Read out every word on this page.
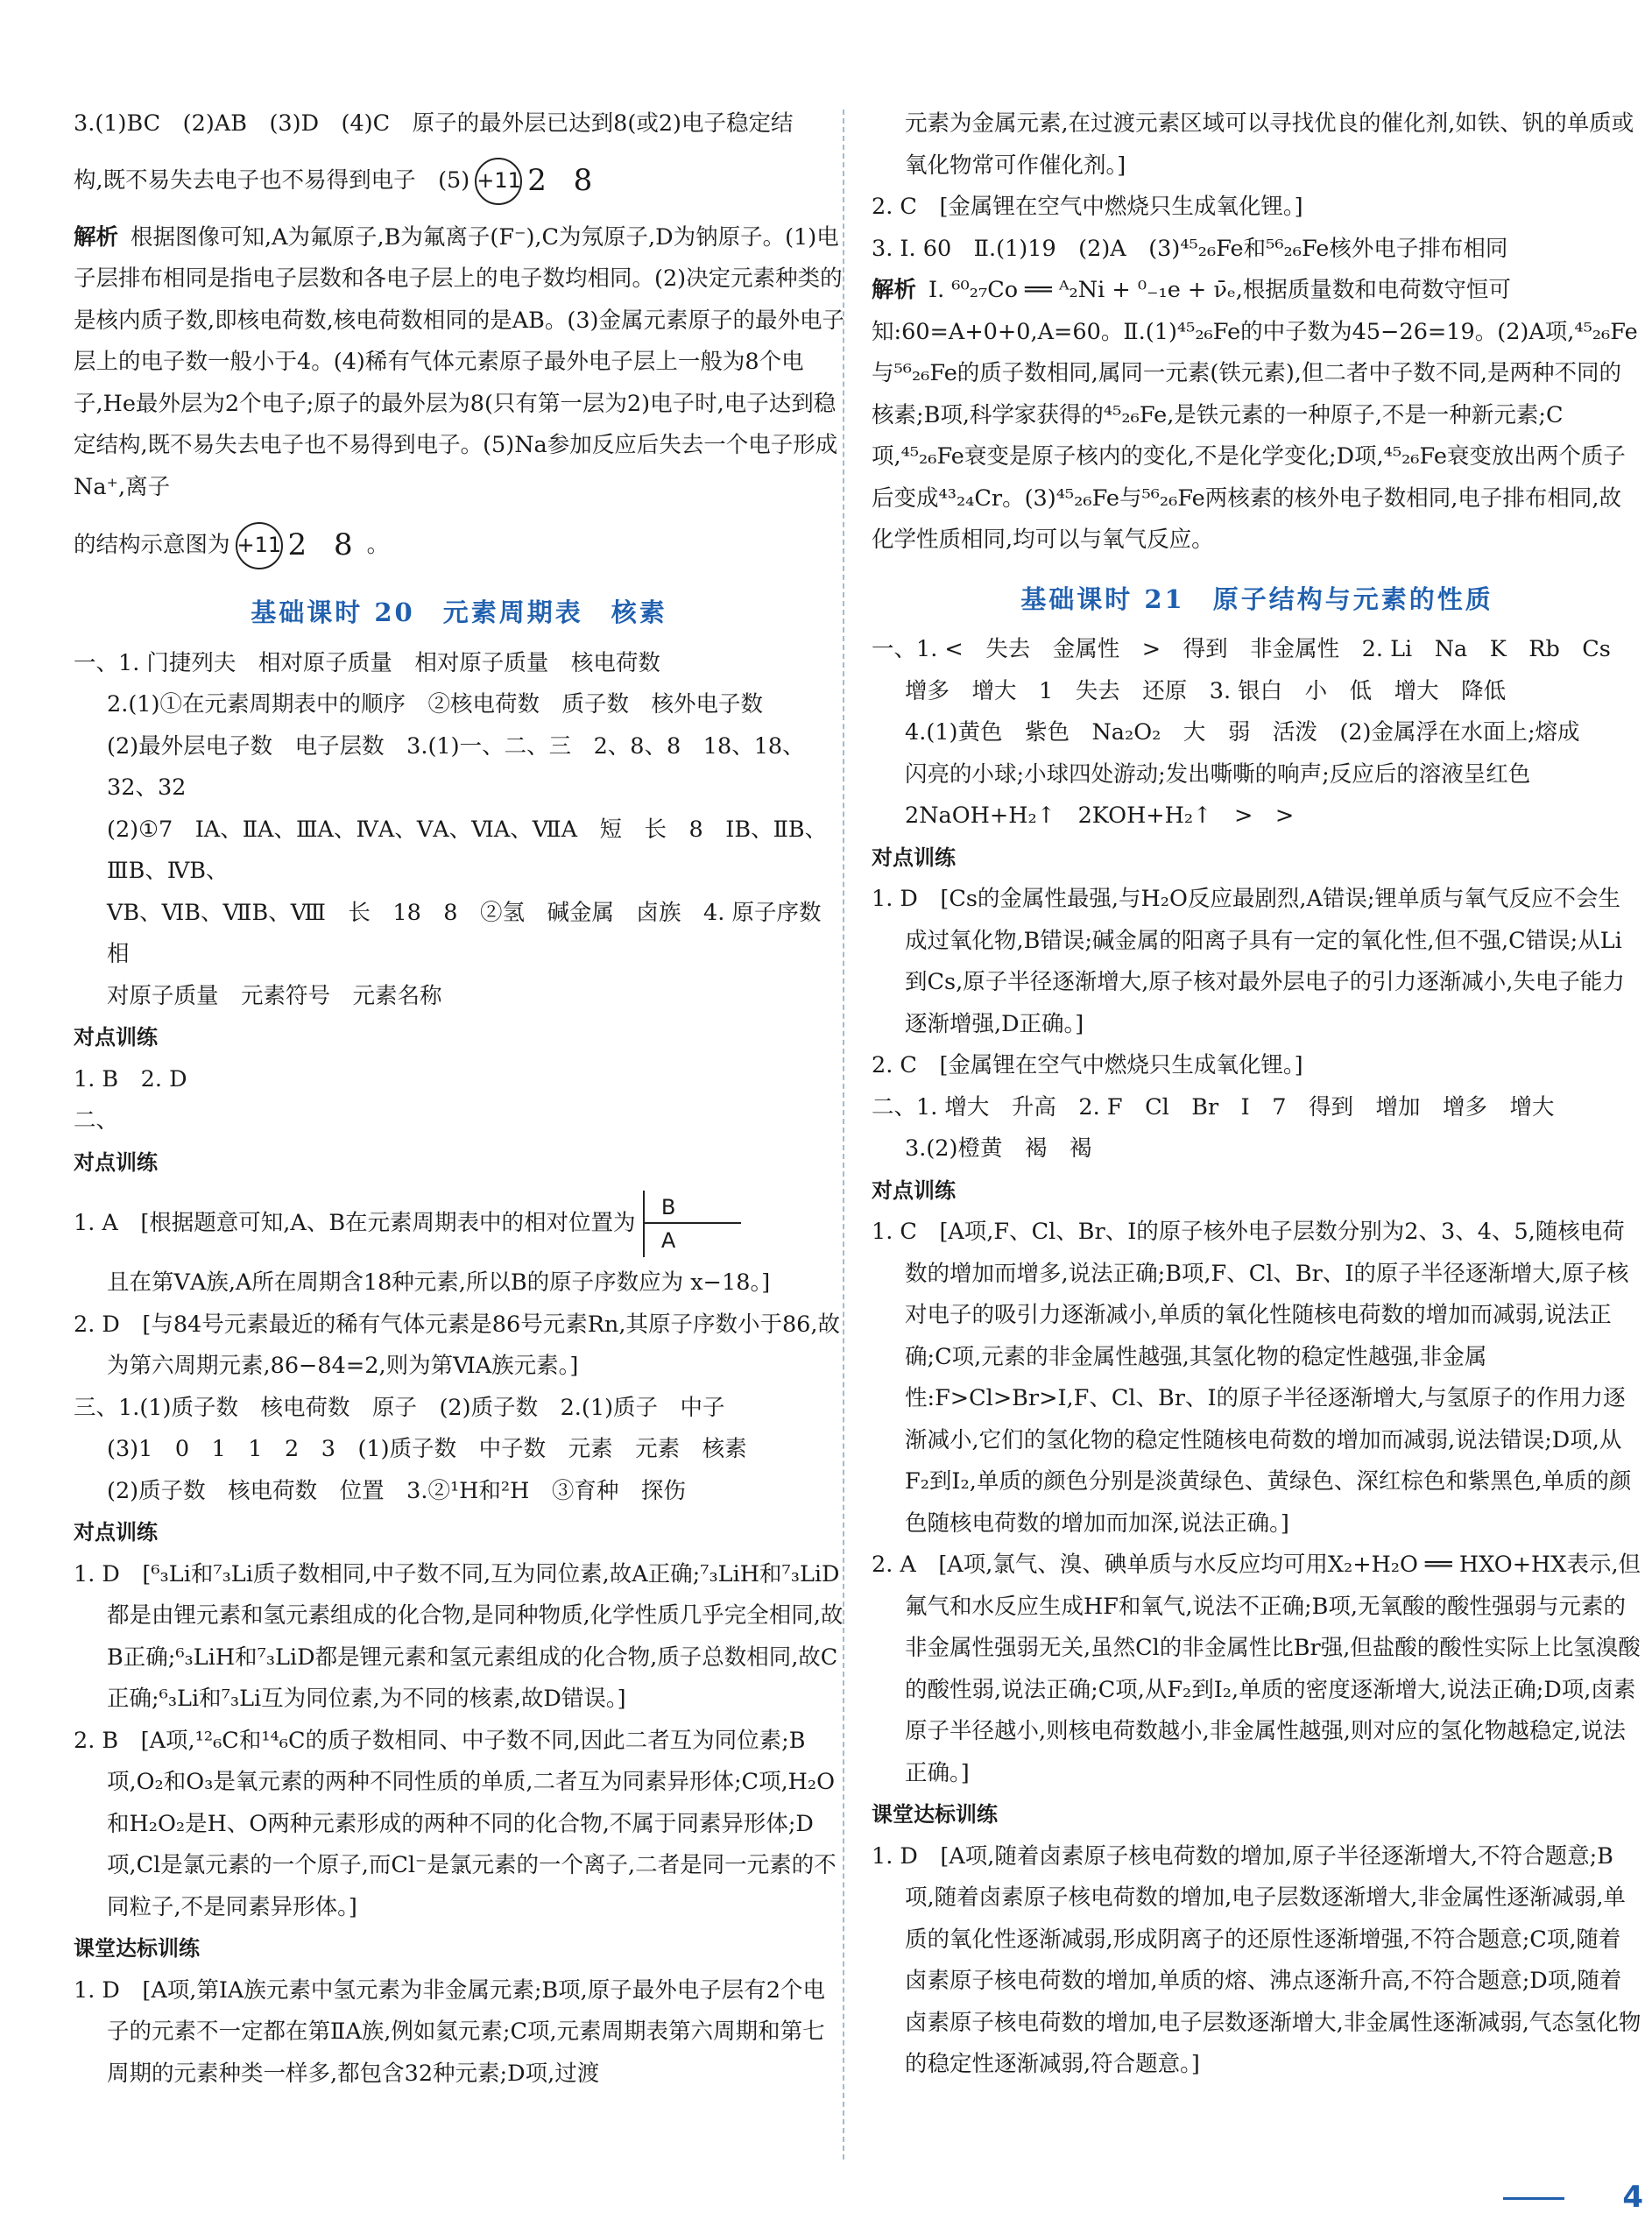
3.(1)BC　(2)AB　(3)D　(4)C　原子的最外层已达到8(或2)电子稳定结

构,既不易失去电子也不易得到电子　(5) +11 2 8

解析 根据图像可知,A为氟原子,B为氟离子(F⁻),C为氖原子,D为钠原子。(1)电子层排布相同是指电子层数和各电子层上的电子数均相同。(2)决定元素种类的是核内质子数,即核电荷数,核电荷数相同的是AB。(3)金属元素原子的最外电子层上的电子数一般小于4。(4)稀有气体元素原子最外电子层上一般为8个电子,He最外层为2个电子;原子的最外层为8(只有第一层为2)电子时,电子达到稳定结构,既不易失去电子也不易得到电子。(5)Na参加反应后失去一个电子形成Na⁺,离子

的结构示意图为 +11 2 8 。

基础课时 20　元素周期表　核素

一、1. 门捷列夫　相对原子质量　相对原子质量　核电荷数

2.(1)①在元素周期表中的顺序　②核电荷数　质子数　核外电子数

(2)最外层电子数　电子层数　3.(1)一、二、三　2、8、8　18、18、32、32

(2)①7　ⅠA、ⅡA、ⅢA、ⅣA、ⅤA、ⅥA、ⅦA　短　长　8　ⅠB、ⅡB、ⅢB、ⅣB、

ⅤB、ⅥB、ⅦB、Ⅷ　长　18　8　②氢　碱金属　卤族　4. 原子序数　相

对原子质量　元素符号　元素名称

对点训练

1. B　2. D

二、

对点训练

1. A　[根据题意可知,A、B在元素周期表中的相对位置为 $\frac{B}{A}$

且在第ⅤA族,A所在周期含18种元素,所以B的原子序数应为 x−18。]

2. D　[与84号元素最近的稀有气体元素是86号元素Rn,其原子序数小于86,故为第六周期元素,86−84=2,则为第ⅥA族元素。]

三、1.(1)质子数　核电荷数　原子　(2)质子数　2.(1)质子　中子

(3)1　0　1　1　2　3　(1)质子数　中子数　元素　元素　核素

(2)质子数　核电荷数　位置　3.②¹H和²H　③育种　探伤

对点训练

1. D　[⁶₃Li和⁷₃Li质子数相同,中子数不同,互为同位素,故A正确;⁷₃LiH和⁷₃LiD都是由锂元素和氢元素组成的化合物,是同种物质,化学性质几乎完全相同,故B正确;⁶₃LiH和⁷₃LiD都是锂元素和氢元素组成的化合物,质子总数相同,故C正确;⁶₃Li和⁷₃Li互为同位素,为不同的核素,故D错误。]

2. B　[A项,¹²₆C和¹⁴₆C的质子数相同、中子数不同,因此二者互为同位素;B项,O₂和O₃是氧元素的两种不同性质的单质,二者互为同素异形体;C项,H₂O和H₂O₂是H、O两种元素形成的两种不同的化合物,不属于同素异形体;D项,Cl是氯元素的一个原子,而Cl⁻是氯元素的一个离子,二者是同一元素的不同粒子,不是同素异形体。]

课堂达标训练

1. D　[A项,第ⅠA族元素中氢元素为非金属元素;B项,原子最外电子层有2个电子的元素不一定都在第ⅡA族,例如氦元素;C项,元素周期表第六周期和第七周期的元素种类一样多,都包含32种元素;D项,过渡

元素为金属元素,在过渡元素区域可以寻找优良的催化剂,如铁、钒的单质或氧化物常可作催化剂。]

2. C　[金属锂在空气中燃烧只生成氧化锂。]

3. Ⅰ. 60　Ⅱ.(1)19　(2)A　(3)⁴⁵₂₆Fe和⁵⁶₂₆Fe核外电子排布相同

解析 Ⅰ. ⁶⁰₂₇Co ══ ᴬ₂Ni + ⁰₋₁e + ν̄ₑ,根据质量数和电荷数守恒可知:60=A+0+0,A=60。Ⅱ.(1)⁴⁵₂₆Fe的中子数为45−26=19。(2)A项,⁴⁵₂₆Fe与⁵⁶₂₆Fe的质子数相同,属同一元素(铁元素),但二者中子数不同,是两种不同的核素;B项,科学家获得的⁴⁵₂₆Fe,是铁元素的一种原子,不是一种新元素;C项,⁴⁵₂₆Fe衰变是原子核内的变化,不是化学变化;D项,⁴⁵₂₆Fe衰变放出两个质子后变成⁴³₂₄Cr。(3)⁴⁵₂₆Fe与⁵⁶₂₆Fe两核素的核外电子数相同,电子排布相同,故化学性质相同,均可以与氧气反应。

基础课时 21　原子结构与元素的性质

一、1. <　失去　金属性　>　得到　非金属性　2. Li　Na　K　Rb　Cs

增多　增大　1　失去　还原　3. 银白　小　低　增大　降低

4.(1)黄色　紫色　Na₂O₂　大　弱　活泼　(2)金属浮在水面上;熔成

闪亮的小球;小球四处游动;发出嘶嘶的响声;反应后的溶液呈红色

2NaOH+H₂↑　2KOH+H₂↑　>　>

对点训练

1. D　[Cs的金属性最强,与H₂O反应最剧烈,A错误;锂单质与氧气反应不会生成过氧化物,B错误;碱金属的阳离子具有一定的氧化性,但不强,C错误;从Li到Cs,原子半径逐渐增大,原子核对最外层电子的引力逐渐减小,失电子能力逐渐增强,D正确。]

2. C　[金属锂在空气中燃烧只生成氧化锂。]

二、1. 增大　升高　2. F　Cl　Br　I　7　得到　增加　增多　增大

3.(2)橙黄　褐　褐

对点训练

1. C　[A项,F、Cl、Br、I的原子核外电子层数分别为2、3、4、5,随核电荷数的增加而增多,说法正确;B项,F、Cl、Br、I的原子半径逐渐增大,原子核对电子的吸引力逐渐减小,单质的氧化性随核电荷数的增加而减弱,说法正确;C项,元素的非金属性越强,其氢化物的稳定性越强,非金属性:F>Cl>Br>I,F、Cl、Br、I的原子半径逐渐增大,与氢原子的作用力逐渐减小,它们的氢化物的稳定性随核电荷数的增加而减弱,说法错误;D项,从F₂到I₂,单质的颜色分别是淡黄绿色、黄绿色、深红棕色和紫黑色,单质的颜色随核电荷数的增加而加深,说法正确。]

2. A　[A项,氯气、溴、碘单质与水反应均可用X₂+H₂O ══ HXO+HX表示,但氟气和水反应生成HF和氧气,说法不正确;B项,无氧酸的酸性强弱与元素的非金属性强弱无关,虽然Cl的非金属性比Br强,但盐酸的酸性实际上比氢溴酸的酸性弱,说法正确;C项,从F₂到I₂,单质的密度逐渐增大,说法正确;D项,卤素原子半径越小,则核电荷数越小,非金属性越强,则对应的氢化物越稳定,说法正确。]

课堂达标训练

1. D　[A项,随着卤素原子核电荷数的增加,原子半径逐渐增大,不符合题意;B项,随着卤素原子核电荷数的增加,电子层数逐渐增大,非金属性逐渐减弱,单质的氧化性逐渐减弱,形成阴离子的还原性逐渐增强,不符合题意;C项,随着卤素原子核电荷数的增加,单质的熔、沸点逐渐升高,不符合题意;D项,随着卤素原子核电荷数的增加,电子层数逐渐增大,非金属性逐渐减弱,气态氢化物的稳定性逐渐减弱,符合题意。]

4
